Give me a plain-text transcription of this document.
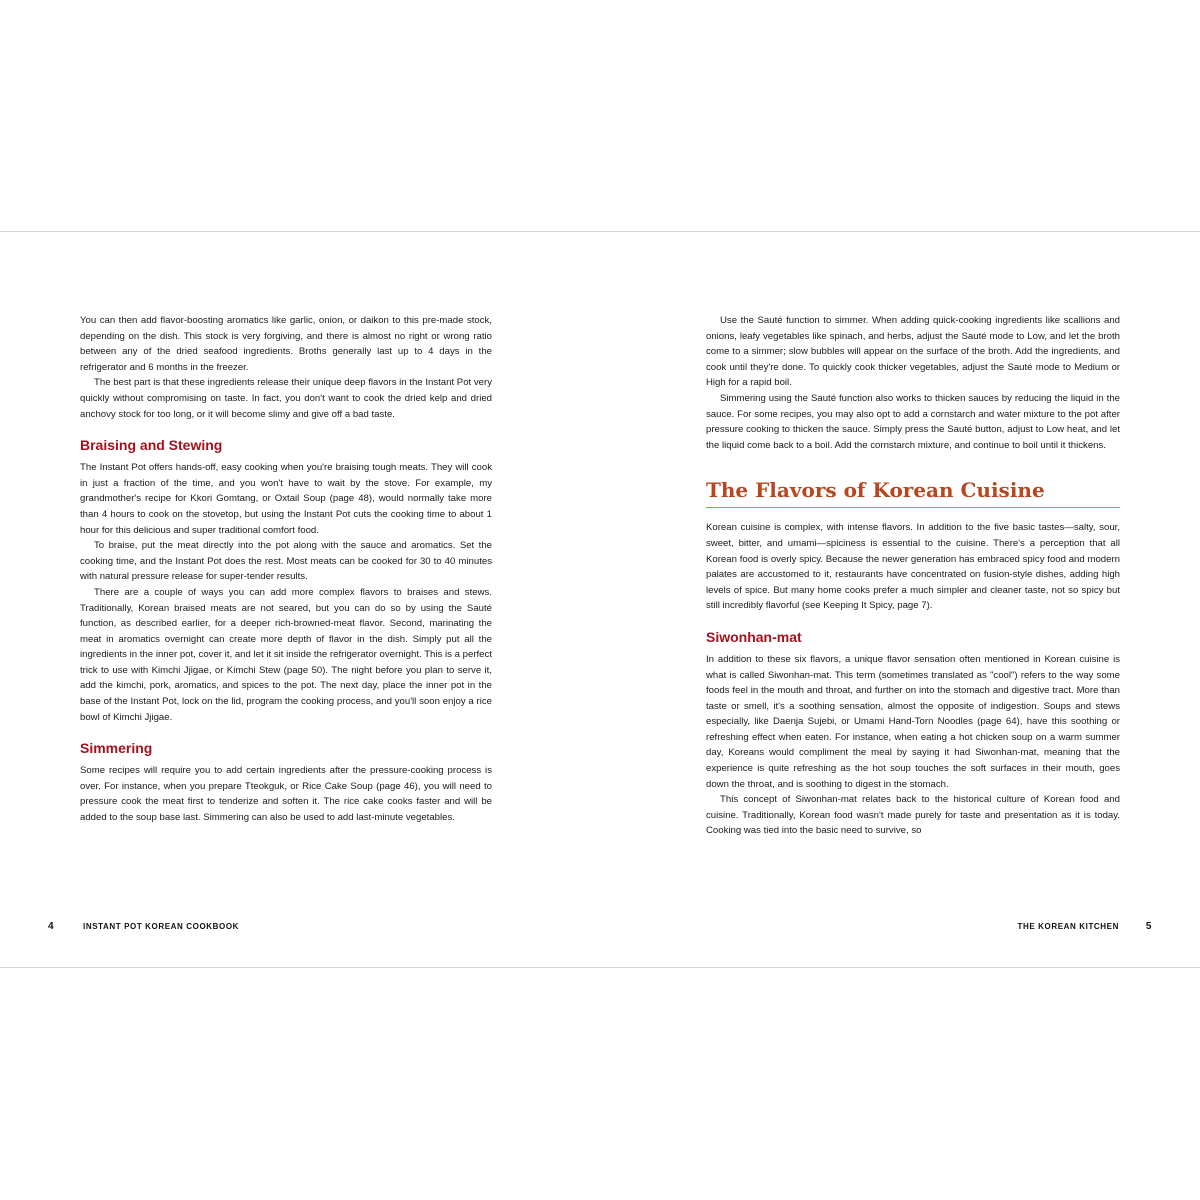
You can then add flavor-boosting aromatics like garlic, onion, or daikon to this pre-made stock, depending on the dish. This stock is very forgiving, and there is almost no right or wrong ratio between any of the dried seafood ingredients. Broths generally last up to 4 days in the refrigerator and 6 months in the freezer.

The best part is that these ingredients release their unique deep flavors in the Instant Pot very quickly without compromising on taste. In fact, you don't want to cook the dried kelp and dried anchovy stock for too long, or it will become slimy and give off a bad taste.

Braising and Stewing

The Instant Pot offers hands-off, easy cooking when you're braising tough meats. They will cook in just a fraction of the time, and you won't have to wait by the stove. For example, my grandmother's recipe for Kkori Gomtang, or Oxtail Soup (page 48), would normally take more than 4 hours to cook on the stovetop, but using the Instant Pot cuts the cooking time to about 1 hour for this delicious and super traditional comfort food.

To braise, put the meat directly into the pot along with the sauce and aromatics. Set the cooking time, and the Instant Pot does the rest. Most meats can be cooked for 30 to 40 minutes with natural pressure release for super-tender results.

There are a couple of ways you can add more complex flavors to braises and stews. Traditionally, Korean braised meats are not seared, but you can do so by using the Sauté function, as described earlier, for a deeper rich-browned-meat flavor. Second, marinating the meat in aromatics overnight can create more depth of flavor in the dish. Simply put all the ingredients in the inner pot, cover it, and let it sit inside the refrigerator overnight. This is a perfect trick to use with Kimchi Jjigae, or Kimchi Stew (page 50). The night before you plan to serve it, add the kimchi, pork, aromatics, and spices to the pot. The next day, place the inner pot in the base of the Instant Pot, lock on the lid, program the cooking process, and you'll soon enjoy a rice bowl of Kimchi Jjigae.

Simmering

Some recipes will require you to add certain ingredients after the pressure-cooking process is over. For instance, when you prepare Tteokguk, or Rice Cake Soup (page 46), you will need to pressure cook the meat first to tenderize and soften it. The rice cake cooks faster and will be added to the soup base last. Simmering can also be used to add last-minute vegetables.

Use the Sauté function to simmer. When adding quick-cooking ingredients like scallions and onions, leafy vegetables like spinach, and herbs, adjust the Sauté mode to Low, and let the broth come to a simmer; slow bubbles will appear on the surface of the broth. Add the ingredients, and cook until they're done. To quickly cook thicker vegetables, adjust the Sauté mode to Medium or High for a rapid boil.

Simmering using the Sauté function also works to thicken sauces by reducing the liquid in the sauce. For some recipes, you may also opt to add a cornstarch and water mixture to the pot after pressure cooking to thicken the sauce. Simply press the Sauté button, adjust to Low heat, and let the liquid come back to a boil. Add the cornstarch mixture, and continue to boil until it thickens.

The Flavors of Korean Cuisine

Korean cuisine is complex, with intense flavors. In addition to the five basic tastes—salty, sour, sweet, bitter, and umami—spiciness is essential to the cuisine. There's a perception that all Korean food is overly spicy. Because the newer generation has embraced spicy food and modern palates are accustomed to it, restaurants have concentrated on fusion-style dishes, adding high levels of spice. But many home cooks prefer a much simpler and cleaner taste, not so spicy but still incredibly flavorful (see Keeping It Spicy, page 7).

Siwonhan-mat

In addition to these six flavors, a unique flavor sensation often mentioned in Korean cuisine is what is called Siwonhan-mat. This term (sometimes translated as "cool") refers to the way some foods feel in the mouth and throat, and further on into the stomach and digestive tract. More than taste or smell, it's a soothing sensation, almost the opposite of indigestion. Soups and stews especially, like Daenja Sujebi, or Umami Hand-Torn Noodles (page 64), have this soothing or refreshing effect when eaten. For instance, when eating a hot chicken soup on a warm summer day, Koreans would compliment the meal by saying it had Siwonhan-mat, meaning that the experience is quite refreshing as the hot soup touches the soft surfaces in their mouth, goes down the throat, and is soothing to digest in the stomach.

This concept of Siwonhan-mat relates back to the historical culture of Korean food and cuisine. Traditionally, Korean food wasn't made purely for taste and presentation as it is today. Cooking was tied into the basic need to survive, so

4	INSTANT POT KOREAN COOKBOOK	THE KOREAN KITCHEN	5
